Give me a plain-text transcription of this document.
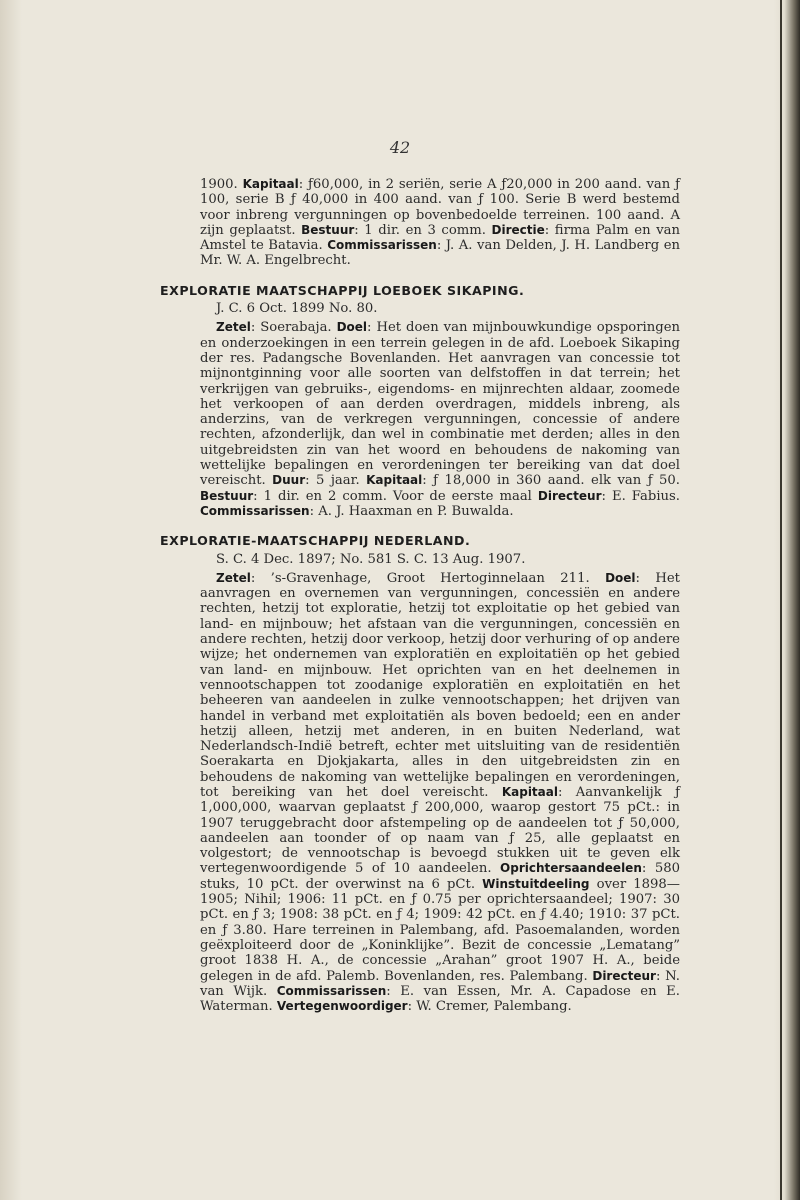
42

1900. Kapitaal: ƒ60,000, in 2 seriën, serie A ƒ20,000 in 200 aand. van ƒ 100, serie B ƒ 40,000 in 400 aand. van ƒ 100. Serie B werd bestemd voor inbreng vergunningen op bovenbedoelde terreinen. 100 aand. A zijn geplaatst. Bestuur: 1 dir. en 3 comm. Directie: firma Palm en van Amstel te Batavia. Commissarissen: J. A. van Delden, J. H. Landberg en Mr. W. A. Engelbrecht.

EXPLORATIE MAATSCHAPPIJ LOEBOEK SIKAPING.

J. C. 6 Oct. 1899 No. 80.

Zetel: Soerabaja. Doel: Het doen van mijnbouwkundige opsporingen en onderzoekingen in een terrein gelegen in de afd. Loeboek Sikaping der res. Padangsche Bovenlanden. Het aanvragen van concessie tot mijnontginning voor alle soorten van delfstoffen in dat terrein; het verkrijgen van gebruiks-, eigendoms- en mijnrechten aldaar, zoomede het verkoopen of aan derden overdragen, middels inbreng, als anderzins, van de verkregen vergunningen, concessie of andere rechten, afzonderlijk, dan wel in combinatie met derden; alles in den uitgebreidsten zin van het woord en behoudens de nakoming van wettelijke bepalingen en verordeningen ter bereiking van dat doel vereischt. Duur: 5 jaar. Kapitaal: ƒ 18,000 in 360 aand. elk van ƒ 50. Bestuur: 1 dir. en 2 comm. Voor de eerste maal Directeur: E. Fabius. Commissarissen: A. J. Haaxman en P. Buwalda.

EXPLORATIE-MAATSCHAPPIJ NEDERLAND.

S. C. 4 Dec. 1897; No. 581 S. C. 13 Aug. 1907.

Zetel: ’s-Gravenhage, Groot Hertoginnelaan 211. Doel: Het aanvragen en overnemen van vergunningen, concessiën en andere rechten, hetzij tot exploratie, hetzij tot exploitatie op het gebied van land- en mijnbouw; het afstaan van die vergunningen, concessiën en andere rechten, hetzij door verkoop, hetzij door verhuring of op andere wijze; het ondernemen van exploratiën en exploitatiën op het gebied van land- en mijnbouw. Het oprichten van en het deelnemen in vennootschappen tot zoodanige exploratiën en exploitatiën en het beheeren van aandeelen in zulke vennootschappen; het drijven van handel in verband met exploitatiën als boven bedoeld; een en ander hetzij alleen, hetzij met anderen, in en buiten Nederland, wat Nederlandsch-Indië betreft, echter met uitsluiting van de residentiën Soerakarta en Djokjakarta, alles in den uitgebreidsten zin en behoudens de nakoming van wettelijke bepalingen en verordeningen, tot bereiking van het doel vereischt. Kapitaal: Aanvankelijk ƒ 1,000,000, waarvan geplaatst ƒ 200,000, waarop gestort 75 pCt.: in 1907 teruggebracht door afstempeling op de aandeelen tot ƒ 50,000, aandeelen aan toonder of op naam van ƒ 25, alle geplaatst en volgestort; de vennootschap is bevoegd stukken uit te geven elk vertegenwoordigende 5 of 10 aandeelen. Oprichtersaandeelen: 580 stuks, 10 pCt. der overwinst na 6 pCt. Winstuitdeeling over 1898—1905; Nihil; 1906: 11 pCt. en ƒ 0.75 per oprichtersaandeel; 1907: 30 pCt. en ƒ 3; 1908: 38 pCt. en ƒ 4; 1909: 42 pCt. en ƒ 4.40; 1910: 37 pCt. en ƒ 3.80. Hare terreinen in Palembang, afd. Pasoemalanden, worden geëxploiteerd door de „Koninklijke”. Bezit de concessie „Lematang” groot 1838 H. A., de concessie „Arahan” groot 1907 H. A., beide gelegen in de afd. Palemb. Bovenlanden, res. Palembang. Directeur: N. van Wijk. Commissarissen: E. van Essen, Mr. A. Capadose en E. Waterman. Vertegenwoordiger: W. Cremer, Palembang.
